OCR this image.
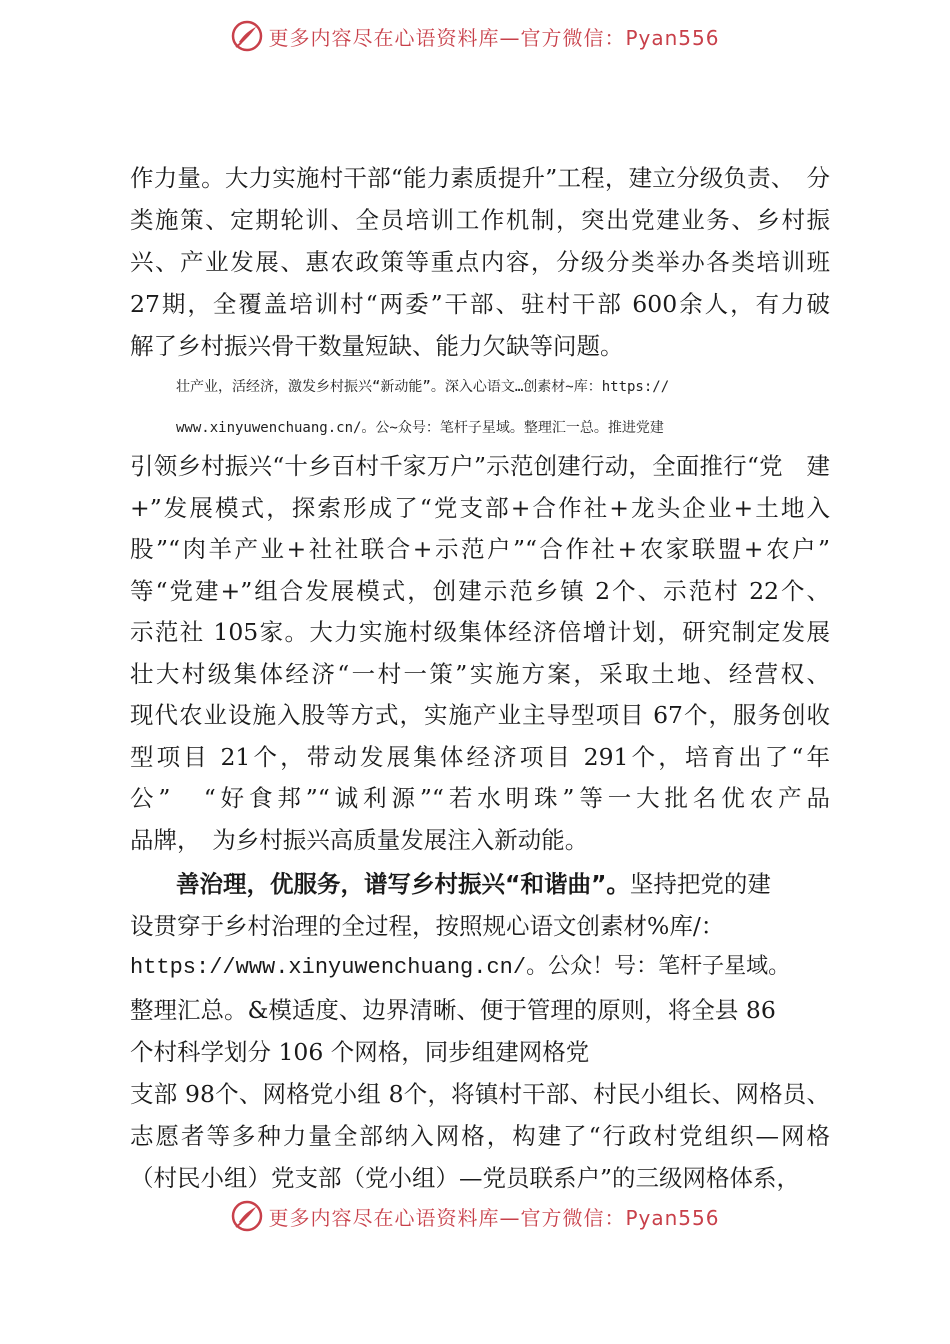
更多内容尽在心语资料库—官方微信：Pyan556
作力量。大力实施村干部“能力素质提升”工程，建立分级负责、　分
类施策、定期轮训、全员培训工作机制，突出党建业务、乡村振
兴、产业发展、惠农政策等重点内容，分级分类举办各类培训班
27期，全覆盖培训村“两委”干部、驻村干部 600余人，有力破
解了乡村振兴骨干数量短缺、能力欠缺等问题。
壮产业，活经济，激发乡村振兴“新动能”。深入心语文…创素材~库：https://
www.xinyuwenchuang.cn/。公~众号：笔杆子星域。整理汇一总。推进党建
引领乡村振兴“十乡百村千家万户”示范创建行动，全面推行“党　建
+”发展模式，探索形成了“党支部+合作社+龙头企业+土地入
股”“肉羊产业+社社联合+示范户”“合作社+农家联盟+农户”
等“党建+”组合发展模式，创建示范乡镇 2个、示范村 22个、
示范社 105家。大力实施村级集体经济倍增计划，研究制定发展
壮大村级集体经济“一村一策”实施方案，采取土地、经营权、
现代农业设施入股等方式，实施产业主导型项目 67个，服务创收
型项目 21个，带动发展集体经济项目 291个，培育出了“年
公”　“好食邦”“诚利源”“若水明珠”等一大批名优农产品
品牌，　为乡村振兴高质量发展注入新动能。
善治理，优服务，谱写乡村振兴“和谐曲”。坚持把党的建
设贯穿于乡村治理的全过程，按照规心语文创素材%库/：
https://www.xinyuwenchuang.cn/。公众！号：笔杆子星域。
整理汇总。&模适度、边界清晰、便于管理的原则，将全县 86
个村科学划分 106 个网格，同步组建网格党
支部 98个、网格党小组 8个，将镇村干部、村民小组长、网格员、
志愿者等多种力量全部纳入网格，构建了“行政村党组织—网格
（村民小组）党支部（党小组）—党员联系户”的三级网格体系，
更多内容尽在心语资料库—官方微信：Pyan556
